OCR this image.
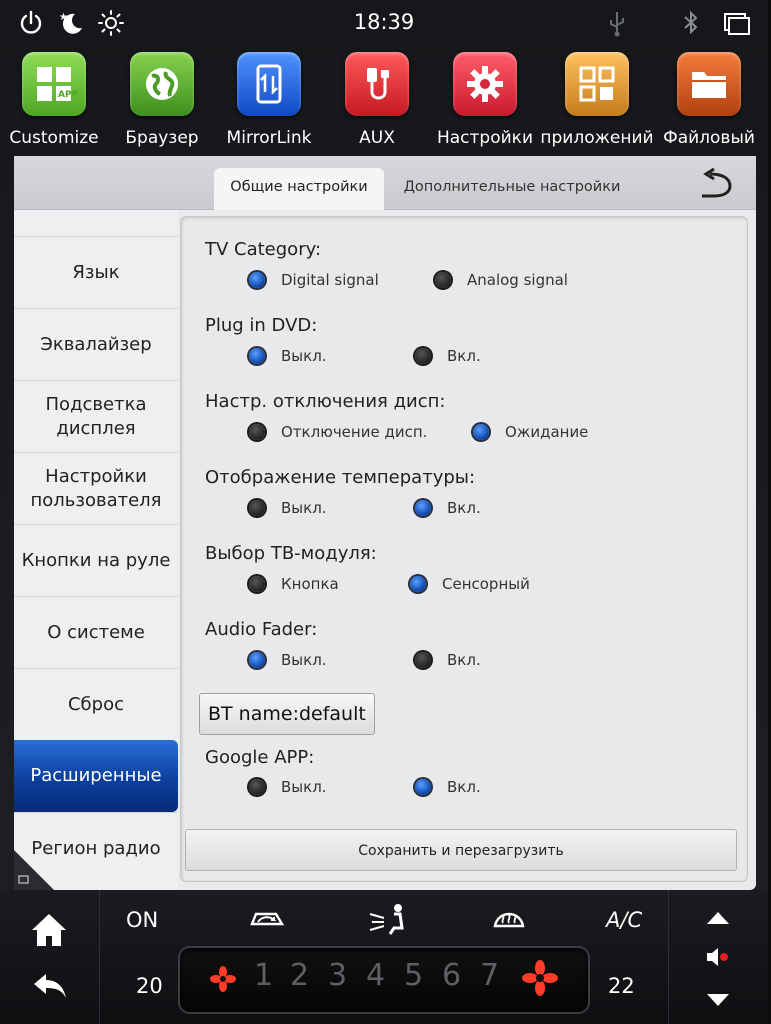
★	18:39
APP
Customize	Браузер	MirrorLink	AUX	Настройки приложений Файловый
Общие настройки	Дополнительные настройки
Язык
Эквалайзер
Подсветка дисплея
Настройки пользователя
Кнопки на руле
О системе
Сброс
Расширенные
Регион радио
TV Category:
Digital signal	Analog signal
Plug in DVD:
Выкл.	Вкл.
Настр. отключения дисп:
Отключение дисп.	Ожидание
Отображение температуры:
Выкл.	Вкл.
Выбор ТВ-модуля:
Кнопка	Сенсорный
Audio Fader:
Выкл.	Вкл.
BT name:default
Google APP:
Выкл.	Вкл.
Сохранить и перезагрузить
ON	A/C
20	22
1 2 3 4 5 6 7
